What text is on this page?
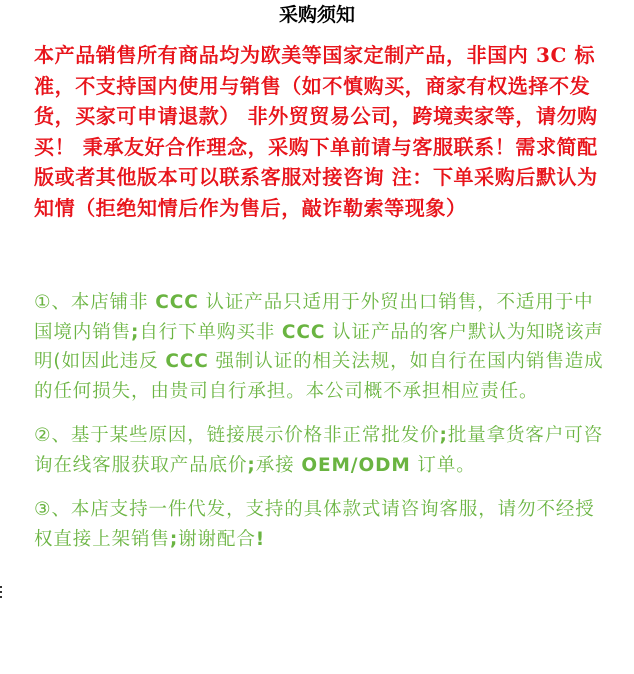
采购须知

本产品销售所有商品均为欧美等国家定制产品，非国内 3C 标准，不支持国内使用与销售（如不慎购买，商家有权选择不发货，买家可申请退款） 非外贸贸易公司，跨境卖家等，请勿购买！ 秉承友好合作理念，采购下单前请与客服联系！需求简配版或者其他版本可以联系客服对接咨询 注：下单采购后默认为知情（拒绝知情后作为售后，敲诈勒索等现象）

①、本店铺非 CCC 认证产品只适用于外贸出口销售，不适用于中国境内销售;自行下单购买非 CCC 认证产品的客户默认为知晓该声明(如因此违反 CCC 强制认证的相关法规，如自行在国内销售造成的任何损失，由贵司自行承担。本公司概不承担相应责任。

②、基于某些原因，链接展示价格非正常批发价;批量拿货客户可咨询在线客服获取产品底价;承接 OEM/ODM 订单。

③、本店支持一件代发，支持的具体款式请咨询客服，请勿不经授权直接上架销售;谢谢配合!
